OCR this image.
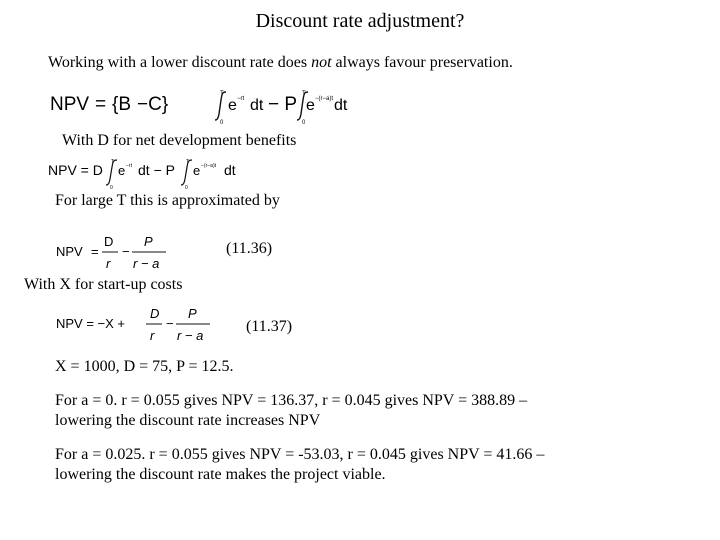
Discount rate adjustment?
Working with a lower discount rate does not always favour preservation.
NPV = {B −C}	T
0
e −rt dt − P T
0
e −(r−a)t dt
With D for net development benefits
NPV = D T
0
e −rt dt − P T
0
e −(r−a)t dt
For large T this is approximated by
NPV =
D
r
−
P
r − a
(11.36)
With X for start-up costs
NPV = −X +
D
r
−
P
r − a
(11.37)
X = 1000, D = 75, P = 12.5.
For a = 0. r = 0.055 gives NPV = 136.37, r = 0.045 gives NPV = 388.89 –
lowering the discount rate increases NPV
For a = 0.025. r = 0.055 gives NPV = -53.03, r = 0.045 gives NPV = 41.66 –
lowering the discount rate makes the project viable.
